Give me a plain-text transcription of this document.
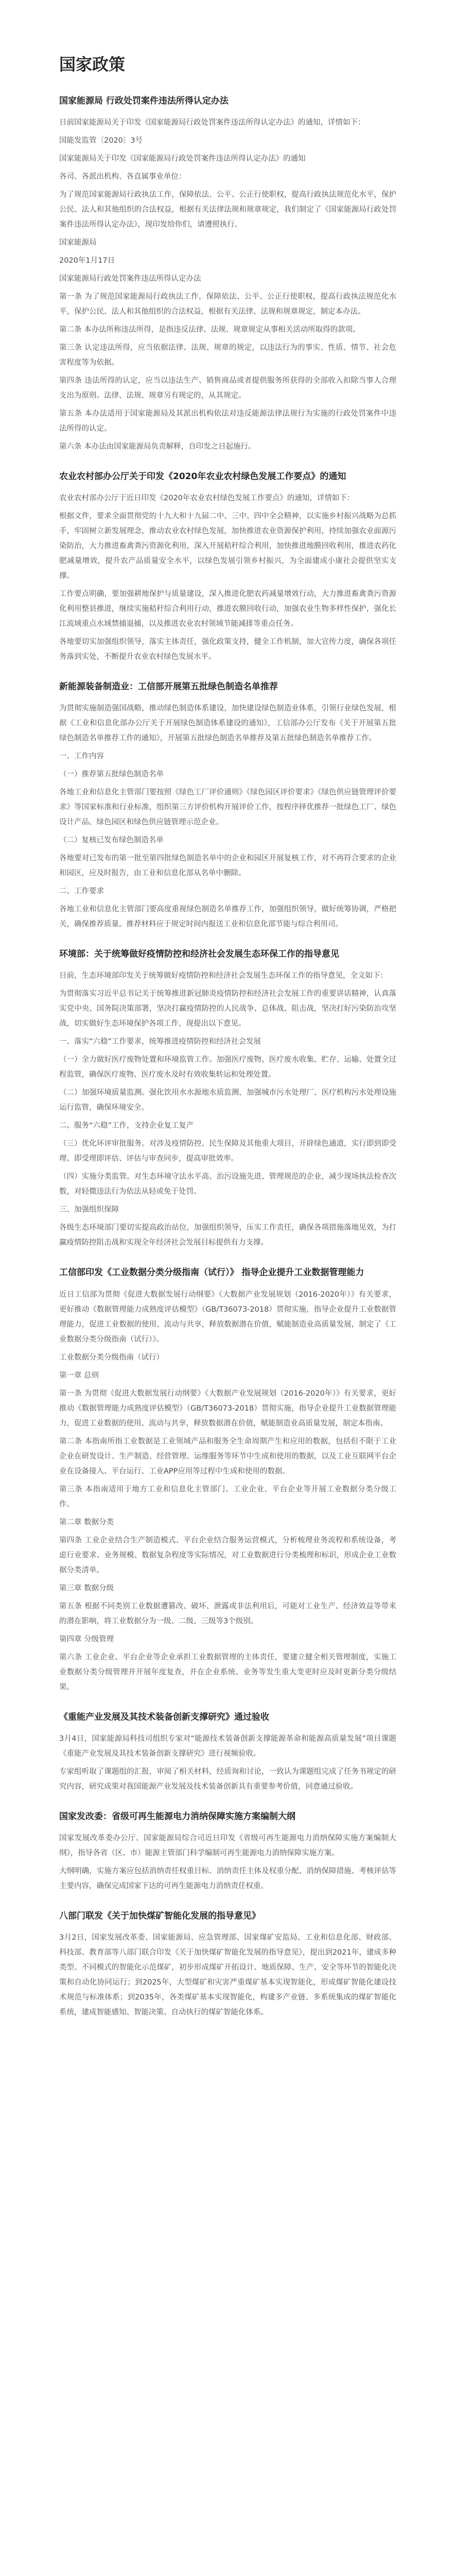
国家政策
国家能源局 行政处罚案件违法所得认定办法

日前国家能源局关于印发《国家能源局行政处罚案件违法所得认定办法》的通知，详情如下：

国能发监管〔2020〕3号

国家能源局关于印发《国家能源局行政处罚案件违法所得认定办法》的通知

各司、各派出机构、各直属事业单位：

为了规范国家能源局行政执法工作，保障依法、公平、公正行使职权，提高行政执法规范化水平，保护公民、法人和其他组织的合法权益，根据有关法律法规和规章规定，我们制定了《国家能源局行政处罚案件违法所得认定办法》，现印发给你们，请遵照执行。

国家能源局

2020年1月17日

国家能源局行政处罚案件违法所得认定办法

第一条 为了规范国家能源局行政执法工作，保障依法、公平、公正行使职权，提高行政执法规范化水平，保护公民、法人和其他组织的合法权益，根据有关法律、法规和规章规定，制定本办法。

第二条 本办法所称违法所得，是指违反法律、法规、规章规定从事相关活动所取得的款项。

第三条 认定违法所得，应当依据法律、法规、规章的规定，以违法行为的事实、性质、情节、社会危害程度等为依据。

第四条 违法所得的认定，应当以违法生产、销售商品或者提供服务所获得的全部收入扣除当事人合理支出为原则。法律、法规、规章另有规定的，从其规定。

第五条 本办法适用于国家能源局及其派出机构依法对违反能源法律法规行为实施的行政处罚案件中违法所得的认定。

第六条 本办法由国家能源局负责解释，自印发之日起施行。

农业农村部办公厅关于印发《2020年农业农村绿色发展工作要点》的通知

农业农村部办公厅于近日印发《2020年农业农村绿色发展工作要点》的通知，详情如下：

根据文件，要求全面贯彻党的十九大和十九届二中、三中、四中全会精神，以实施乡村振兴战略为总抓手，牢固树立新发展理念，推动农业农村绿色发展，加快推进农业资源保护利用，持续加强农业面源污染防治，大力推进畜禽粪污资源化利用，深入开展秸秆综合利用，加快推进地膜回收利用，推进农药化肥减量增效，提升农产品质量安全水平，以绿色发展引领乡村振兴，为全面建成小康社会提供坚实支撑。

工作要点明确，要加强耕地保护与质量建设，深入推进化肥农药减量增效行动，大力推进畜禽粪污资源化利用整县推进，继续实施秸秆综合利用行动，推进农膜回收行动，加强农业生物多样性保护，强化长江流域重点水域禁捕退捕，以及推进农业农村领域节能减排等重点任务。

各地要切实加强组织领导，落实主体责任，强化政策支持，健全工作机制，加大宣传力度，确保各项任务落到实处，不断提升农业农村绿色发展水平。

新能源装备制造业：工信部开展第五批绿色制造名单推荐

为贯彻实施制造强国战略，推动绿色制造体系建设，加快建设绿色制造业体系，引领行业绿色发展，根据《工业和信息化部办公厅关于开展绿色制造体系建设的通知》，工信部办公厅发布《关于开展第五批绿色制造名单推荐工作的通知》，开展第五批绿色制造名单推荐及第五批绿色制造名单推荐工作。

一、工作内容

（一）推荐第五批绿色制造名单

各地工业和信息化主管部门要按照《绿色工厂评价通则》《绿色园区评价要求》《绿色供应链管理评价要求》等国家标准和行业标准，组织第三方评价机构开展评价工作，按程序择优推荐一批绿色工厂、绿色设计产品、绿色园区和绿色供应链管理示范企业。

（二）复核已发布绿色制造名单

各地要对已发布的第一批至第四批绿色制造名单中的企业和园区开展复核工作，对不再符合要求的企业和园区，应及时报告，由工业和信息化部从名单中删除。

二、工作要求

各地工业和信息化主管部门要高度重视绿色制造名单推荐工作，加强组织领导，做好统筹协调，严格把关，确保推荐质量。推荐材料应于规定时间内报送工业和信息化部节能与综合利用司。

环境部：关于统筹做好疫情防控和经济社会发展生态环保工作的指导意见

日前，生态环境部印发关于统筹做好疫情防控和经济社会发展生态环保工作的指导意见，全文如下：

为贯彻落实习近平总书记关于统筹推进新冠肺炎疫情防控和经济社会发展工作的重要讲话精神，认真落实党中央、国务院决策部署，坚决打赢疫情防控的人民战争、总体战、阻击战，坚决打好污染防治攻坚战，切实做好生态环境保护各项工作，现提出以下意见。

一、落实“六稳”工作要求，统筹推进疫情防控和经济社会发展

（一）全力做好医疗废物处置和环境监管工作。加强医疗废物、医疗废水收集、贮存、运输、处置全过程监管，确保医疗废物、医疗废水及时有效收集转运和处理处置。

（二）加强环境质量监测。强化饮用水水源地水质监测，加强城市污水处理厂、医疗机构污水处理设施运行监管，确保环境安全。

二、服务“六稳”工作，支持企业复工复产

（三）优化环评审批服务。对涉及疫情防控、民生保障及其他重大项目，开辟绿色通道，实行即到即受理、即受理即评估、评估与审查同步，提高审批效率。

（四）实施分类监管。对生态环境守法水平高、治污设施先进、管理规范的企业，减少现场执法检查次数，对轻微违法行为依法从轻或免于处罚。

三、加强组织保障

各级生态环境部门要切实提高政治站位，加强组织领导，压实工作责任，确保各项措施落地见效，为打赢疫情防控阻击战和实现全年经济社会发展目标提供有力支撑。

工信部印发《工业数据分类分级指南（试行）》 指导企业提升工业数据管理能力

近日工信部为贯彻《促进大数据发展行动纲要》《大数据产业发展规划（2016-2020年）》有关要求，更好推动《数据管理能力成熟度评估模型》（GB/T36073-2018）贯彻实施，指导企业提升工业数据管理能力，促进工业数据的使用、流动与共享，释放数据潜在价值，赋能制造业高质量发展，制定了《工业数据分类分级指南（试行）》。

工业数据分类分级指南（试行）

第一章 总则

第一条 为贯彻《促进大数据发展行动纲要》《大数据产业发展规划（2016-2020年）》有关要求，更好推动《数据管理能力成熟度评估模型》（GB/T36073-2018）贯彻实施，指导企业提升工业数据管理能力，促进工业数据的使用、流动与共享，释放数据潜在价值，赋能制造业高质量发展，制定本指南。

第二条 本指南所指工业数据是工业领域产品和服务全生命周期产生和应用的数据，包括但不限于工业企业在研发设计、生产制造、经营管理、运维服务等环节中生成和使用的数据，以及工业互联网平台企业在设备接入、平台运行、工业APP应用等过程中生成和使用的数据。

第三条 本指南适用于地方工业和信息化主管部门、工业企业、平台企业等开展工业数据分类分级工作。

第二章 数据分类

第四条 工业企业结合生产制造模式、平台企业结合服务运营模式，分析梳理业务流程和系统设备，考虑行业要求、业务规模、数据复杂程度等实际情况，对工业数据进行分类梳理和标识，形成企业工业数据分类清单。

第三章 数据分级

第五条 根据不同类别工业数据遭篡改、破坏、泄露或非法利用后，可能对工业生产、经济效益等带来的潜在影响，将工业数据分为一级、二级、三级等3个级别。

第四章 分级管理

第六条 工业企业、平台企业等企业承担工业数据管理的主体责任，要建立健全相关管理制度，实施工业数据分类分级管理并开展年度复查，并在企业系统、业务等发生重大变更时应及时更新分类分级结果。

《重能产业发展及其技术装备创新支撑研究》通过验收

3月4日，国家能源局科技司组织专家对“能源技术装备创新支撑能源革命和能源高质量发展”项目课题《重能产业发展及其技术装备创新支撑研究》进行视频验收。

专家组听取了课题组的汇报，审阅了相关材料，经质询和讨论，一致认为课题组完成了任务书规定的研究内容，研究成果对我国能源产业发展及技术装备创新具有重要参考价值，同意通过验收。

国家发改委：省级可再生能源电力消纳保障实施方案编制大纲

国家发展改革委办公厅、国家能源局综合司近日印发《省级可再生能源电力消纳保障实施方案编制大纲》，指导各省（区、市）能源主管部门科学编制可再生能源电力消纳保障实施方案。

大纲明确，实施方案应包括消纳责任权重目标、消纳责任主体及权重分配、消纳保障措施、考核评估等主要内容，确保完成国家下达的可再生能源电力消纳责任权重。

八部门联发《关于加快煤矿智能化发展的指导意见》

3月2日，国家发展改革委、国家能源局、应急管理部、国家煤矿安监局、工业和信息化部、财政部、科技部、教育部等八部门联合印发《关于加快煤矿智能化发展的指导意见》，提出到2021年，建成多种类型、不同模式的智能化示范煤矿，初步形成煤矿开拓设计、地质保障、生产、安全等环节的智能化决策和自动化协同运行；到2025年，大型煤矿和灾害严重煤矿基本实现智能化，形成煤矿智能化建设技术规范与标准体系；到2035年，各类煤矿基本实现智能化，构建多产业链、多系统集成的煤矿智能化系统，建成智能感知、智能决策、自动执行的煤矿智能化体系。
